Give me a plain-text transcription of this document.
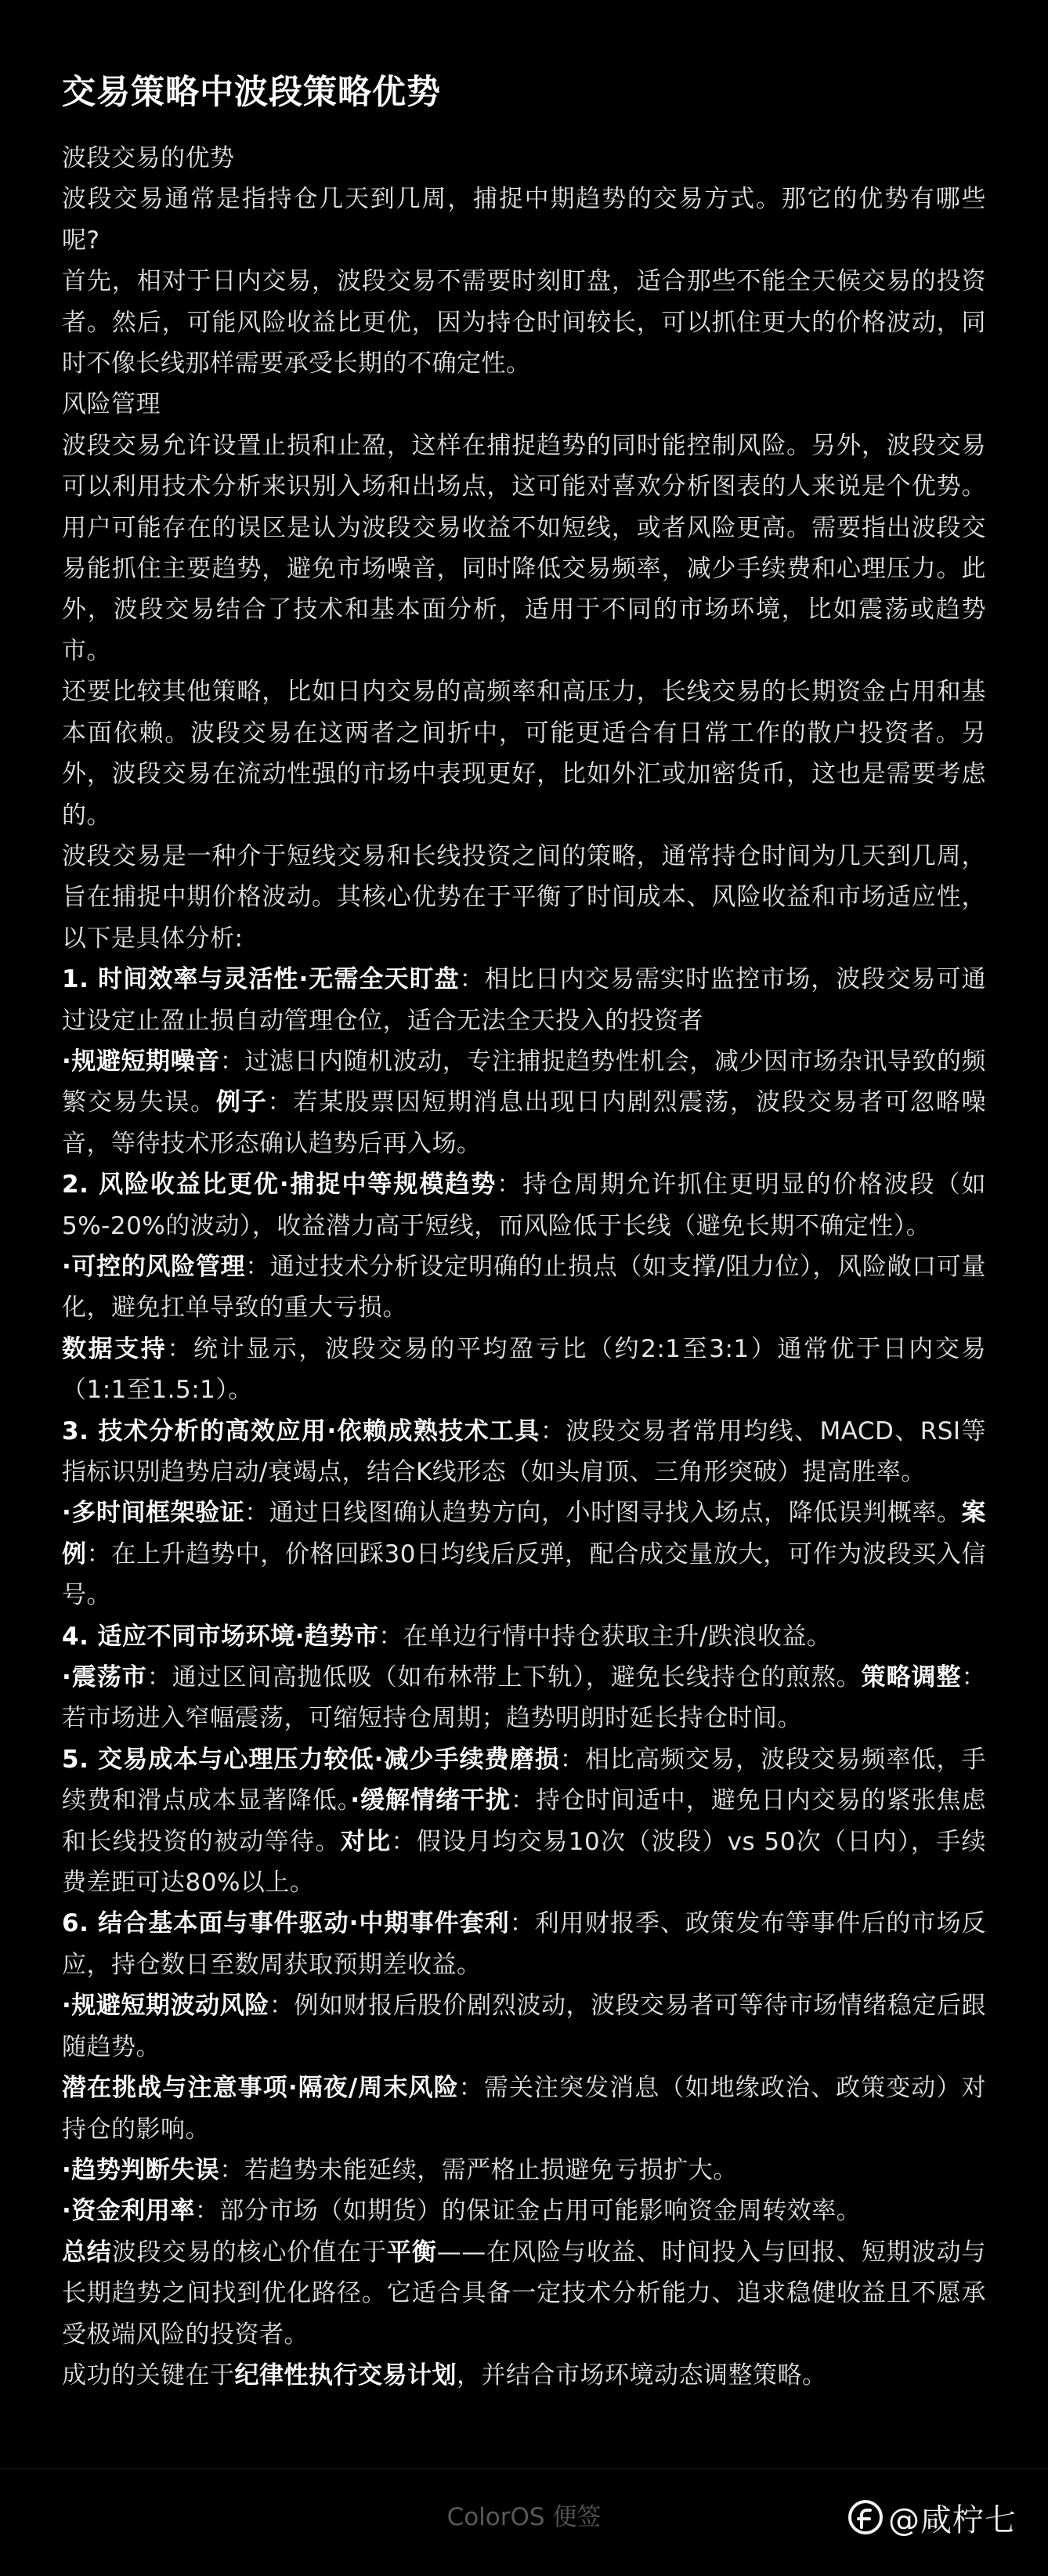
交易策略中波段策略优势

波段交易的优势

波段交易通常是指持仓几天到几周，捕捉中期趋势的交易方式。那它的优势有哪些呢?

首先，相对于日内交易，波段交易不需要时刻盯盘，适合那些不能全天候交易的投资者。然后，可能风险收益比更优，因为持仓时间较长，可以抓住更大的价格波动，同时不像长线那样需要承受长期的不确定性。

风险管理

波段交易允许设置止损和止盈，这样在捕捉趋势的同时能控制风险。另外，波段交易可以利用技术分析来识别入场和出场点，这可能对喜欢分析图表的人来说是个优势。用户可能存在的误区是认为波段交易收益不如短线，或者风险更高。需要指出波段交易能抓住主要趋势，避免市场噪音，同时降低交易频率，减少手续费和心理压力。此外，波段交易结合了技术和基本面分析，适用于不同的市场环境，比如震荡或趋势市。

还要比较其他策略，比如日内交易的高频率和高压力，长线交易的长期资金占用和基本面依赖。波段交易在这两者之间折中，可能更适合有日常工作的散户投资者。另外，波段交易在流动性强的市场中表现更好，比如外汇或加密货币，这也是需要考虑的。

波段交易是一种介于短线交易和长线投资之间的策略，通常持仓时间为几天到几周，旨在捕捉中期价格波动。其核心优势在于平衡了时间成本、风险收益和市场适应性，以下是具体分析:

1. 时间效率与灵活性·无需全天盯盘：相比日内交易需实时监控市场，波段交易可通过设定止盈止损自动管理仓位，适合无法全天投入的投资者

·规避短期噪音：过滤日内随机波动，专注捕捉趋势性机会，减少因市场杂讯导致的频繁交易失误。例子：若某股票因短期消息出现日内剧烈震荡，波段交易者可忽略噪音，等待技术形态确认趋势后再入场。

2. 风险收益比更优·捕捉中等规模趋势：持仓周期允许抓住更明显的价格波段（如5%-20%的波动），收益潜力高于短线，而风险低于长线（避免长期不确定性）。

·可控的风险管理：通过技术分析设定明确的止损点（如支撑/阻力位），风险敞口可量化，避免扛单导致的重大亏损。

数据支持：统计显示，波段交易的平均盈亏比（约2:1至3:1）通常优于日内交易（1:1至1.5:1）。

3. 技术分析的高效应用·依赖成熟技术工具：波段交易者常用均线、MACD、RSI等指标识别趋势启动/衰竭点，结合K线形态（如头肩顶、三角形突破）提高胜率。

·多时间框架验证：通过日线图确认趋势方向，小时图寻找入场点，降低误判概率。案例：在上升趋势中，价格回踩30日均线后反弹，配合成交量放大，可作为波段买入信号。

4. 适应不同市场环境·趋势市：在单边行情中持仓获取主升/跌浪收益。

·震荡市：通过区间高抛低吸（如布林带上下轨），避免长线持仓的煎熬。策略调整：若市场进入窄幅震荡，可缩短持仓周期；趋势明朗时延长持仓时间。

5. 交易成本与心理压力较低·减少手续费磨损：相比高频交易，波段交易频率低，手续费和滑点成本显著降低。·缓解情绪干扰：持仓时间适中，避免日内交易的紧张焦虑和长线投资的被动等待。对比：假设月均交易10次（波段）vs 50次（日内），手续费差距可达80%以上。

6. 结合基本面与事件驱动·中期事件套利：利用财报季、政策发布等事件后的市场反应，持仓数日至数周获取预期差收益。

·规避短期波动风险：例如财报后股价剧烈波动，波段交易者可等待市场情绪稳定后跟随趋势。

潜在挑战与注意事项·隔夜/周末风险：需关注突发消息（如地缘政治、政策变动）对持仓的影响。

·趋势判断失误：若趋势未能延续，需严格止损避免亏损扩大。

·资金利用率：部分市场（如期货）的保证金占用可能影响资金周转效率。

总结波段交易的核心价值在于平衡——在风险与收益、时间投入与回报、短期波动与长期趋势之间找到优化路径。它适合具备一定技术分析能力、追求稳健收益且不愿承受极端风险的投资者。

成功的关键在于纪律性执行交易计划，并结合市场环境动态调整策略。

ColorOS 便签	@咸柠七
